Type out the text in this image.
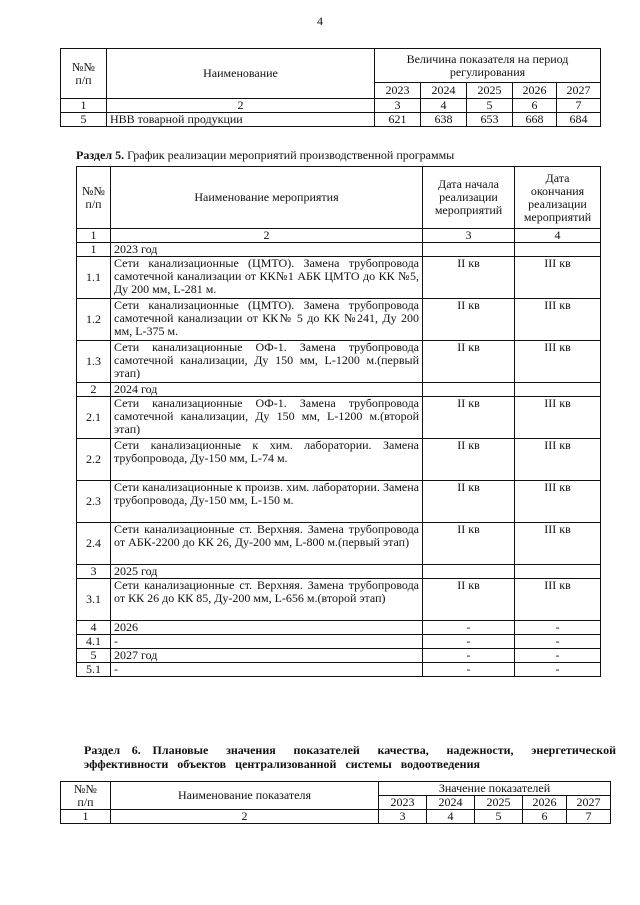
4
№№
п/п	Наименование	Величина показателя на период регулирования				
		2023	2024	2025	2026	2027
1	2	3	4	5	6	7
5	НВВ товарной продукции	621	638	653	668	684
Раздел 5. График реализации мероприятий производственной программы
№№
п/п	Наименование мероприятия	Дата начала реализации мероприятий	Дата окончания реализации мероприятий
1	2	3	4
1	2023 год		
1.1	Сети канализационные (ЦМТО). Замена трубопровода самотечной канализации от КК№1 АБК ЦМТО до КК №5, Ду 200 мм, L-281 м.	II кв	III кв
1.2	Сети канализационные (ЦМТО). Замена трубопровода самотечной канализации от КК№ 5 до КК №241, Ду 200 мм, L-375 м.	II кв	III кв
1.3	Сети канализационные ОФ-1. Замена трубопровода самотечной канализации, Ду 150 мм, L-1200 м.(первый этап)	II кв	III кв
2	2024 год		
2.1	Сети канализационные ОФ-1. Замена трубопровода самотечной канализации, Ду 150 мм, L-1200 м.(второй этап)	II кв	III кв
2.2	Сети канализационные к хим. лаборатории. Замена трубопровода, Ду-150 мм, L-74 м.	II кв	III кв
2.3	Сети канализационные к произв. хим. лаборатории. Замена трубопровода, Ду-150 мм, L-150 м.	II кв	III кв
2.4	Сети канализационные ст. Верхняя. Замена трубопровода от АБК-2200 до КК 26, Ду-200 мм, L-800 м.(первый этап)	II кв	III кв
3	2025 год		
3.1	Сети канализационные ст. Верхняя. Замена трубопровода от КК 26 до КК 85, Ду-200 мм, L-656 м.(второй этап)	II кв	III кв
4	2026	-	-
4.1	-	-	-
5	2027 год	-	-
5.1	-	-	-
Раздел 6. Плановые значения показателей качества, надежности, энергетической эффективности объектов централизованной системы водоотведения
№№
п/п	Наименование показателя	Значение показателей				
		2023	2024	2025	2026	2027
1	2	3	4	5	6	7
